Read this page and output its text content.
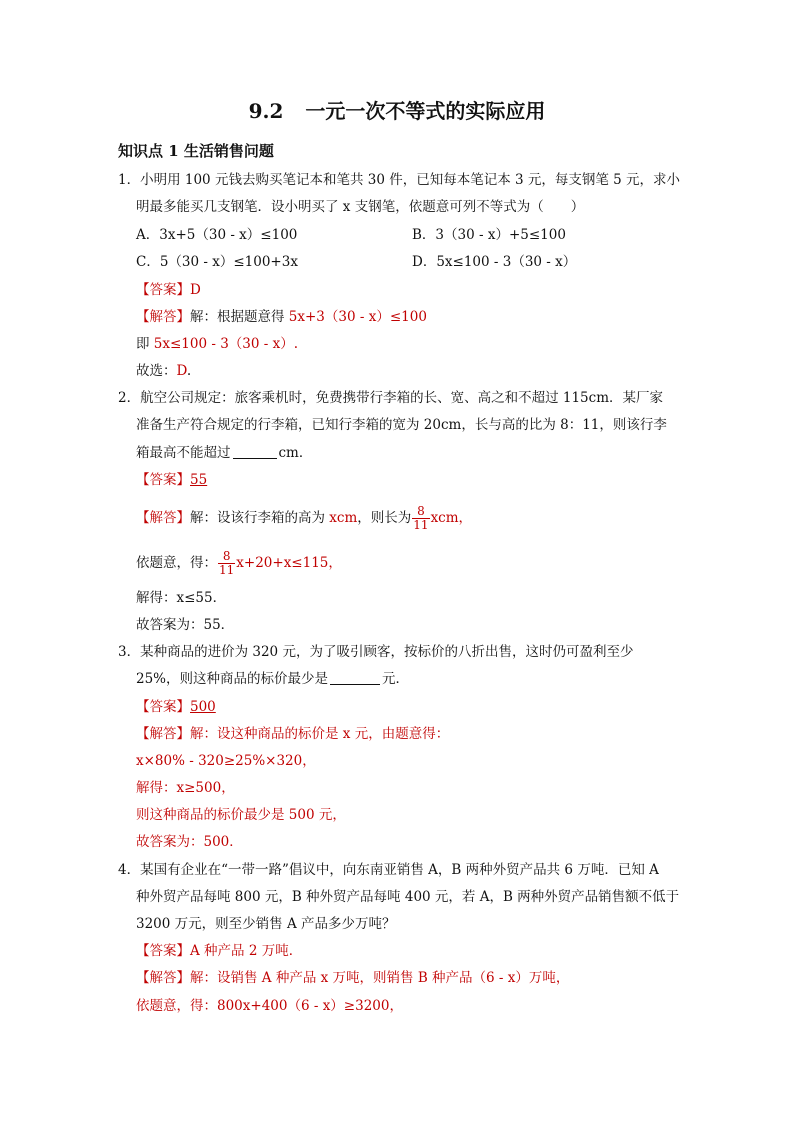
9.2 一元一次不等式的实际应用
知识点 1 生活销售问题
1．小明用 100 元钱去购买笔记本和笔共 30 件，已知每本笔记本 3 元，每支钢笔 5 元，求小
明最多能买几支钢笔．设小明买了 x 支钢笔，依题意可列不等式为（　　）
A．3x+5（30 - x）≤100	B．3（30 - x）+5≤100
C．5（30 - x）≤100+3x	D．5x≤100 - 3（30 - x）
【答案】D
【解答】解：根据题意得 5x+3（30 - x）≤100
即 5x≤100 - 3（30 - x）.
故选：D.
2．航空公司规定：旅客乘机时，免费携带行李箱的长、宽、高之和不超过 115cm．某厂家
准备生产符合规定的行李箱，已知行李箱的宽为 20cm，长与高的比为 8：11，则该行李
箱最高不能超过	cm．
【答案】55
【解答】解：设该行李箱的高为 xcm，则长为 $\frac{8}{11}$ xcm，
依题意，得： $\frac{8}{11} x+20+x\le 115$，
解得：x≤55．
故答案为：55．
3．某种商品的进价为 320 元，为了吸引顾客，按标价的八折出售，这时仍可盈利至少
25%，则这种商品的标价最少是	元．
【答案】500
【解答】解：设这种商品的标价是 x 元，由题意得：
x×80% - 320≥25%×320，
解得：x≥500，
则这种商品的标价最少是 500 元，
故答案为：500．
4．某国有企业在“一带一路”倡议中，向东南亚销售 A，B 两种外贸产品共 6 万吨．已知 A
种外贸产品每吨 800 元，B 种外贸产品每吨 400 元，若 A，B 两种外贸产品销售额不低于
3200 万元，则至少销售 A 产品多少万吨？
【答案】A 种产品 2 万吨．
【解答】解：设销售 A 种产品 x 万吨，则销售 B 种产品（6 - x）万吨，
依题意，得：800x+400（6 - x）≥3200，
